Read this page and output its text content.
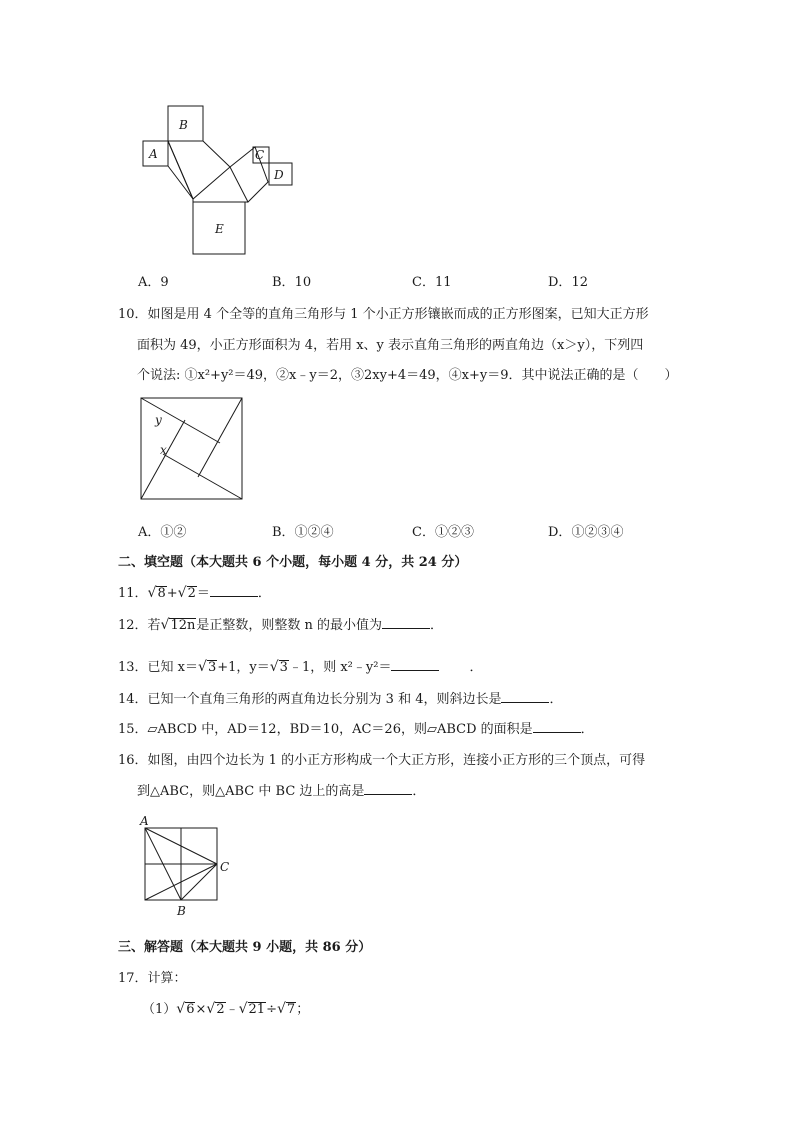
B
A	C
D
E
A．9	B．10	C．11	D．12
10．如图是用 4 个全等的直角三角形与 1 个小正方形镶嵌而成的正方形图案，已知大正方形
面积为 49，小正方形面积为 4，若用 x、y 表示直角三角形的两直角边（x＞y），下列四
个说法: ①x²+y²＝49，②x﹣y＝2，③2xy+4＝49，④x+y＝9．其中说法正确的是（　　）
y
x
A．①②	B．①②④	C．①②③	D．①②③④
二、填空题（本大题共 6 个小题，每小题 4 分，共 24 分）
11．√8+√2＝	．
12．若√12n是正整数，则整数 n 的最小值为	．
13．已知 x＝√3+1，y＝√3﹣1，则 x²﹣y²＝	．
14．已知一个直角三角形的两直角边长分别为 3 和 4，则斜边长是	．
15．▱ABCD 中，AD＝12，BD＝10，AC＝26，则▱ABCD 的面积是	．
16．如图，由四个边长为 1 的小正方形构成一个大正方形，连接小正方形的三个顶点，可得
到△ABC，则△ABC 中 BC 边上的高是	．
A
C
B
三、解答题（本大题共 9 小题，共 86 分）
17．计算：
（1）√6×√2﹣√21÷√7；
